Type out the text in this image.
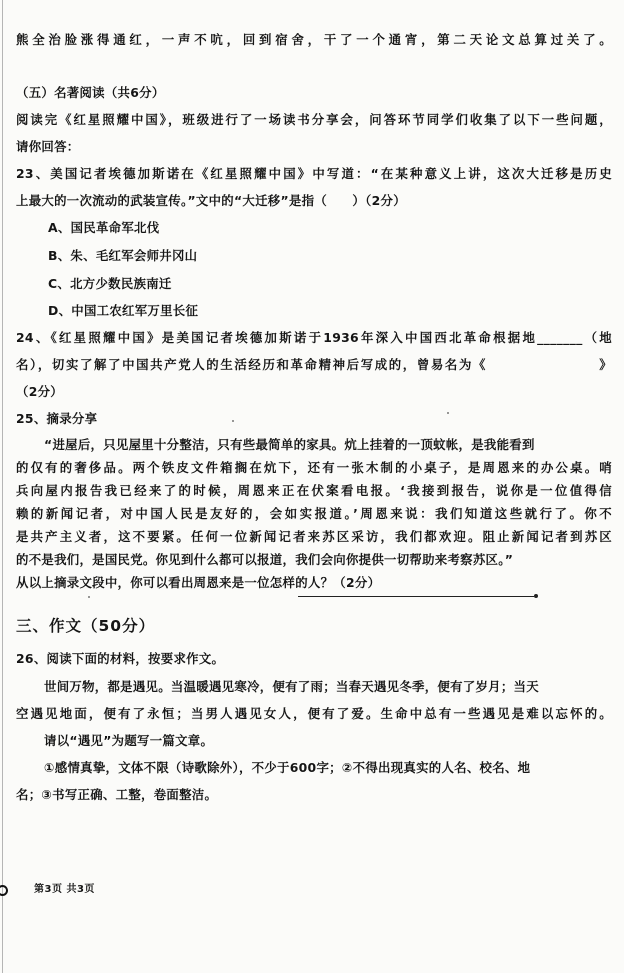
熊全治脸涨得通红，一声不吭，回到宿舍，干了一个通宵，第二天论文总算过关了。
（五）名著阅读（共6分）
阅读完《红星照耀中国》，班级进行了一场读书分享会，问答环节同学们收集了以下一些问题，
请你回答：
23、美国记者埃德加斯诺在《红星照耀中国》中写道：“在某种意义上讲，这次大迁移是历史
上最大的一次流动的武装宣传。”文中的“大迁移”是指（　　）（2分）
A、国民革命军北伐
B、朱、毛红军会师井冈山
C、北方少数民族南迁
D、中国工农红军万里长征
24、《红星照耀中国》是美国记者埃德加斯诺于1936年深入中国西北革命根据地_______（地
名），切实了解了中国共产党人的生活经历和革命精神后写成的，曾易名为《　　　　　　　　》
（2分）
25、摘录分享
“进屋后，只见屋里十分整洁，只有些最简单的家具。炕上挂着的一顶蚊帐，是我能看到
的仅有的奢侈品。两个铁皮文件箱搁在炕下，还有一张木制的小桌子，是周恩来的办公桌。哨
兵向屋内报告我已经来了的时候，周恩来正在伏案看电报。‘我接到报告，说你是一位值得信
赖的新闻记者，对中国人民是友好的，会如实报道。’周恩来说：我们知道这些就行了。你不
是共产主义者，这不要紧。任何一位新闻记者来苏区采访，我们都欢迎。阻止新闻记者到苏区
的不是我们，是国民党。你见到什么都可以报道，我们会向你提供一切帮助来考察苏区。”
从以上摘录文段中，你可以看出周恩来是一位怎样的人？（2分）
三、作文（50分）
26、阅读下面的材料，按要求作文。
世间万物，都是遇见。当温暖遇见寒冷，便有了雨；当春天遇见冬季，便有了岁月；当天
空遇见地面，便有了永恒；当男人遇见女人，便有了爱。生命中总有一些遇见是难以忘怀的。
请以“遇见”为题写一篇文章。
①感情真挚，文体不限（诗歌除外），不少于600字；②不得出现真实的人名、校名、地
名；③书写正确、工整，卷面整洁。
第3页 共3页
